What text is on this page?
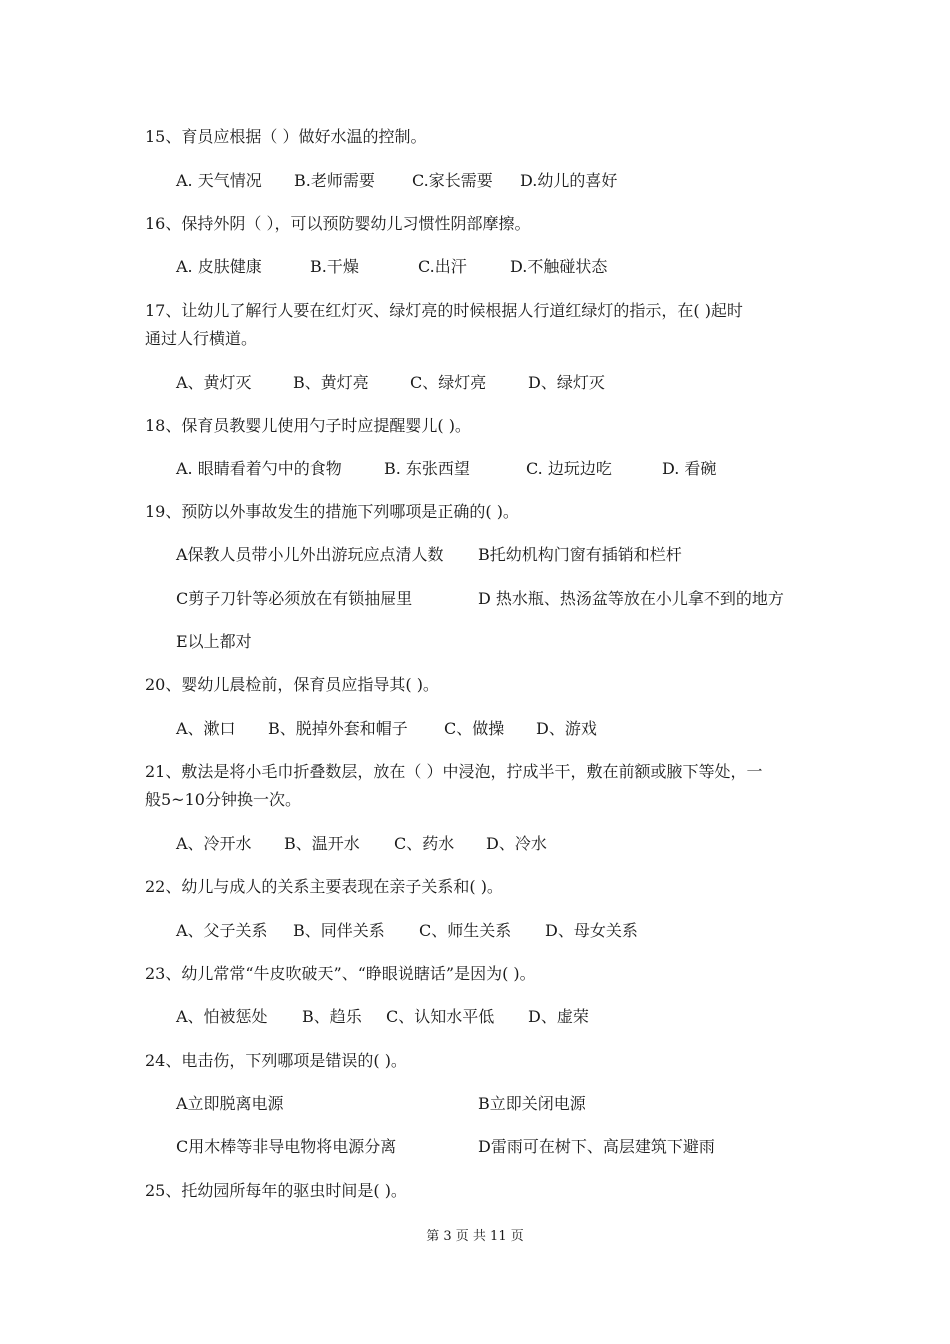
15、育员应根据（ ）做好水温的控制。
A. 天气情况 B.老师需要 C.家长需要 D.幼儿的喜好
16、保持外阴（ ），可以预防婴幼儿习惯性阴部摩擦。
A. 皮肤健康	B.干燥	C.出汗	D.不触碰状态
17、让幼儿了解行人要在红灯灭、绿灯亮的时候根据人行道红绿灯的指示，在( )起时
通过人行横道。
A、黄灯灭	B、黄灯亮	C、绿灯亮	D、绿灯灭
18、保育员教婴儿使用勺子时应提醒婴儿( )。
A. 眼睛看着勺中的食物	B. 东张西望	C. 边玩边吃	D. 看碗
19、预防以外事故发生的措施下列哪项是正确的( )。
A保教人员带小儿外出游玩应点清人数 B托幼机构门窗有插销和栏杆
C剪子刀针等必须放在有锁抽屉里	D 热水瓶、热汤盆等放在小儿拿不到的地方
E以上都对
20、婴幼儿晨检前，保育员应指导其( )。
A、漱口 B、脱掉外套和帽子 C、做操 D、游戏
21、敷法是将小毛巾折叠数层，放在（ ）中浸泡，拧成半干，敷在前额或腋下等处，一
般5~10分钟换一次。
A、冷开水 B、温开水 C、药水 D、冷水
22、幼儿与成人的关系主要表现在亲子关系和( )。
A、父子关系 B、同伴关系 C、师生关系 D、母女关系
23、幼儿常常“牛皮吹破天”、“睁眼说瞎话”是因为( )。
A、怕被惩处 B、趋乐 C、认知水平低 D、虚荣
24、电击伤，下列哪项是错误的( )。
A立即脱离电源	B立即关闭电源
C用木棒等非导电物将电源分离	D雷雨可在树下、高层建筑下避雨
25、托幼园所每年的驱虫时间是( )。
第 3 页 共 11 页
